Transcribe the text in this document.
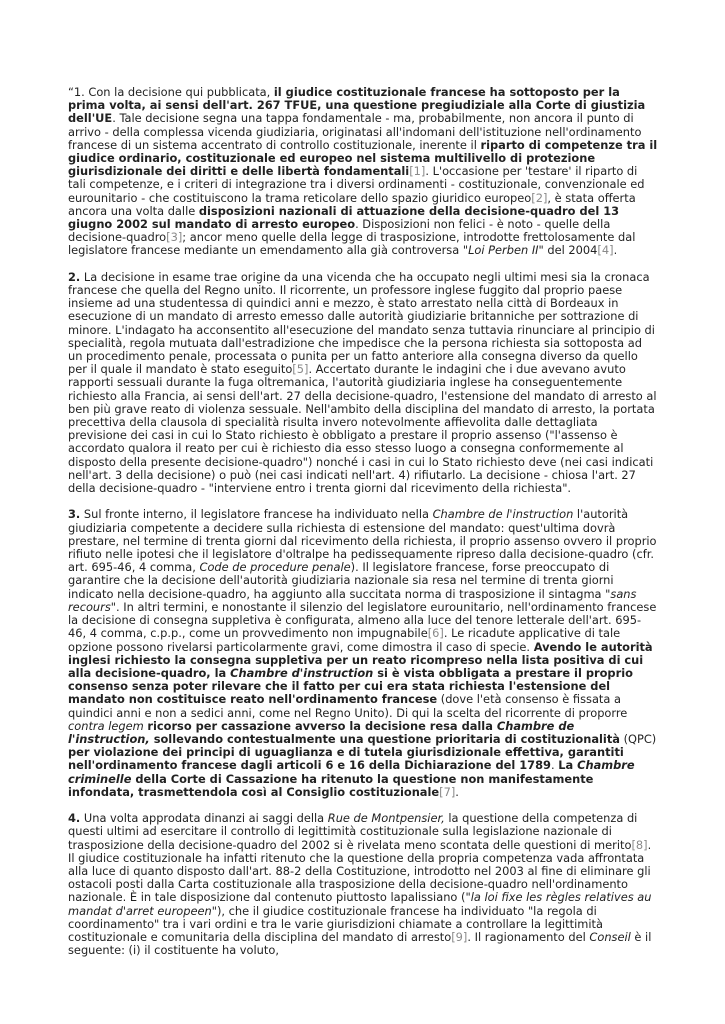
“1. Con la decisione qui pubblicata, il giudice costituzionale francese ha sottoposto per la prima volta, ai sensi dell'art. 267 TFUE, una questione pregiudiziale alla Corte di giustizia dell'UE. Tale decisione segna una tappa fondamentale - ma, probabilmente, non ancora il punto di arrivo - della complessa vicenda giudiziaria, originatasi all'indomani dell'istituzione nell'ordinamento francese di un sistema accentrato di controllo costituzionale, inerente il riparto di competenze tra il giudice ordinario, costituzionale ed europeo nel sistema multilivello di protezione giurisdizionale dei diritti e delle libertà fondamentali[1]. L'occasione per 'testare' il riparto di tali competenze, e i criteri di integrazione tra i diversi ordinamenti - costituzionale, convenzionale ed eurounitario - che costituiscono la trama reticolare dello spazio giuridico europeo[2], è stata offerta ancora una volta dalle disposizioni nazionali di attuazione della decisione-quadro del 13 giugno 2002 sul mandato di arresto europeo. Disposizioni non felici - è noto - quelle della decisione-quadro[3]; ancor meno quelle della legge di trasposizione, introdotte frettolosamente dal legislatore francese mediante un emendamento alla già controversa "Loi Perben II" del 2004[4].

2. La decisione in esame trae origine da una vicenda che ha occupato negli ultimi mesi sia la cronaca francese che quella del Regno unito. Il ricorrente, un professore inglese fuggito dal proprio paese insieme ad una studentessa di quindici anni e mezzo, è stato arrestato nella città di Bordeaux in esecuzione di un mandato di arresto emesso dalle autorità giudiziarie britanniche per sottrazione di minore. L'indagato ha acconsentito all'esecuzione del mandato senza tuttavia rinunciare al principio di specialità, regola mutuata dall'estradizione che impedisce che la persona richiesta sia sottoposta ad un procedimento penale, processata o punita per un fatto anteriore alla consegna diverso da quello per il quale il mandato è stato eseguito[5]. Accertato durante le indagini che i due avevano avuto rapporti sessuali durante la fuga oltremanica, l'autorità giudiziaria inglese ha conseguentemente richiesto alla Francia, ai sensi dell'art. 27 della decisione-quadro, l'estensione del mandato di arresto al ben più grave reato di violenza sessuale. Nell'ambito della disciplina del mandato di arresto, la portata precettiva della clausola di specialità risulta invero notevolmente affievolita dalle dettagliata previsione dei casi in cui lo Stato richiesto è obbligato a prestare il proprio assenso ("l'assenso è accordato qualora il reato per cui è richiesto dia esso stesso luogo a consegna conformemente al disposto della presente decisione-quadro") nonché i casi in cui lo Stato richiesto deve (nei casi indicati nell'art. 3 della decisione) o può (nei casi indicati nell'art. 4) rifiutarlo. La decisione - chiosa l'art. 27 della decisione-quadro - "interviene entro i trenta giorni dal ricevimento della richiesta".

3. Sul fronte interno, il legislatore francese ha individuato nella Chambre de l'instruction l'autorità giudiziaria competente a decidere sulla richiesta di estensione del mandato: quest'ultima dovrà prestare, nel termine di trenta giorni dal ricevimento della richiesta, il proprio assenso ovvero il proprio rifiuto nelle ipotesi che il legislatore d'oltralpe ha pedissequamente ripreso dalla decisione-quadro (cfr. art. 695-46, 4 comma, Code de procedure penale). Il legislatore francese, forse preoccupato di garantire che la decisione dell'autorità giudiziaria nazionale sia resa nel termine di trenta giorni indicato nella decisione-quadro, ha aggiunto alla succitata norma di trasposizione il sintagma "sans recours". In altri termini, e nonostante il silenzio del legislatore eurounitario, nell'ordinamento francese la decisione di consegna suppletiva è configurata, almeno alla luce del tenore letterale dell'art. 695-46, 4 comma, c.p.p., come un provvedimento non impugnabile[6]. Le ricadute applicative di tale opzione possono rivelarsi particolarmente gravi, come dimostra il caso di specie. Avendo le autorità inglesi richiesto la consegna suppletiva per un reato ricompreso nella lista positiva di cui alla decisione-quadro, la Chambre d'instruction si è vista obbligata a prestare il proprio consenso senza poter rilevare che il fatto per cui era stata richiesta l'estensione del mandato non costituisce reato nell'ordinamento francese (dove l'età consenso è fissata a quindici anni e non a sedici anni, come nel Regno Unito). Di qui la scelta del ricorrente di proporre contra legem ricorso per cassazione avverso la decisione resa dalla Chambre de l'instruction, sollevando contestualmente una questione prioritaria di costituzionalità (QPC) per violazione dei principi di uguaglianza e di tutela giurisdizionale effettiva, garantiti nell'ordinamento francese dagli articoli 6 e 16 della Dichiarazione del 1789. La Chambre criminelle della Corte di Cassazione ha ritenuto la questione non manifestamente infondata, trasmettendola così al Consiglio costituzionale[7].

4. Una volta approdata dinanzi ai saggi della Rue de Montpensier, la questione della competenza di questi ultimi ad esercitare il controllo di legittimità costituzionale sulla legislazione nazionale di trasposizione della decisione-quadro del 2002 si è rivelata meno scontata delle questioni di merito[8]. Il giudice costituzionale ha infatti ritenuto che la questione della propria competenza vada affrontata alla luce di quanto disposto dall'art. 88-2 della Costituzione, introdotto nel 2003 al fine di eliminare gli ostacoli posti dalla Carta costituzionale alla trasposizione della decisione-quadro nell'ordinamento nazionale. È in tale disposizione dal contenuto piuttosto lapalissiano ("la loi fixe les règles relatives au mandat d'arret europeen"), che il giudice costituzionale francese ha individuato "la regola di coordinamento" tra i vari ordini e tra le varie giurisdizioni chiamate a controllare la legittimità costituzionale e comunitaria della disciplina del mandato di arresto[9]. Il ragionamento del Conseil è il seguente: (i) il costituente ha voluto,
